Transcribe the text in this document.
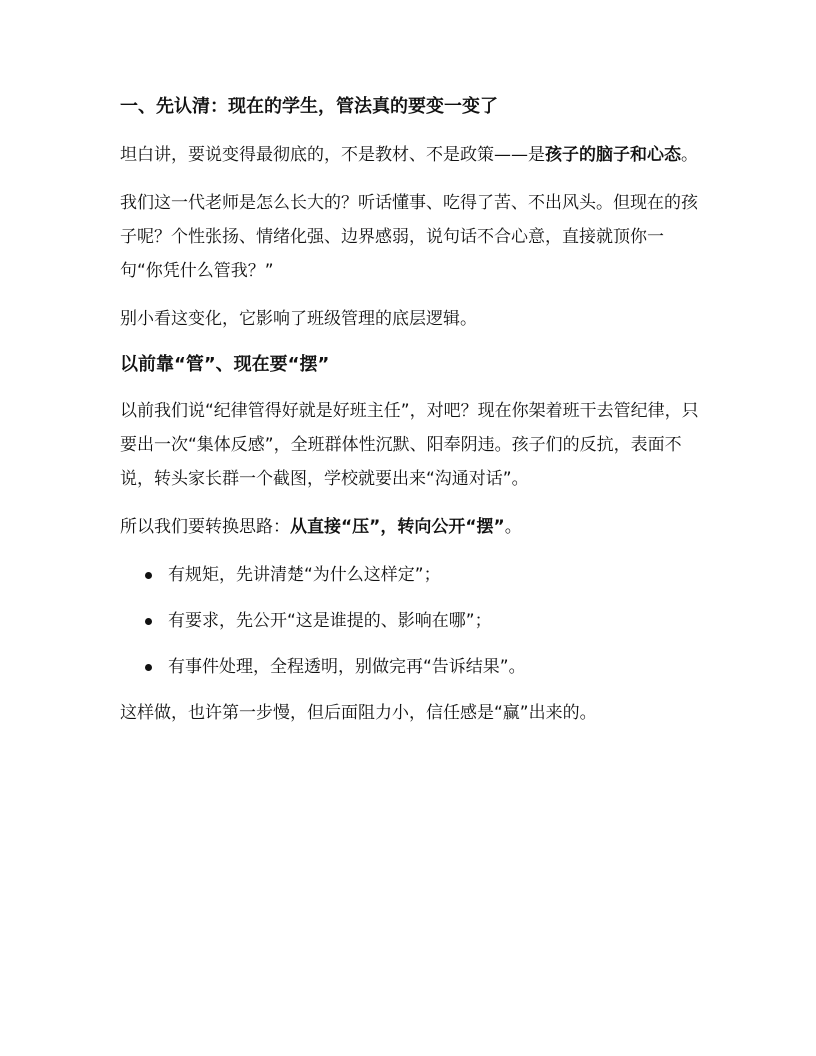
一、先认清：现在的学生，管法真的要变一变了

坦白讲，要说变得最彻底的，不是教材、不是政策——是孩子的脑子和心态。

我们这一代老师是怎么长大的？听话懂事、吃得了苦、不出风头。但现在的孩子呢？个性张扬、情绪化强、边界感弱，说句话不合心意，直接就顶你一句“你凭什么管我？”

别小看这变化，它影响了班级管理的底层逻辑。

以前靠“管”、现在要“摆”

以前我们说“纪律管得好就是好班主任”，对吧？现在你架着班干去管纪律，只要出一次“集体反感”，全班群体性沉默、阳奉阴违。孩子们的反抗，表面不说，转头家长群一个截图，学校就要出来“沟通对话”。

所以我们要转换思路：从直接“压”，转向公开“摆”。

有规矩，先讲清楚“为什么这样定”；
有要求，先公开“这是谁提的、影响在哪”；
有事件处理，全程透明，别做完再“告诉结果”。

这样做，也许第一步慢，但后面阻力小，信任感是“赢”出来的。
